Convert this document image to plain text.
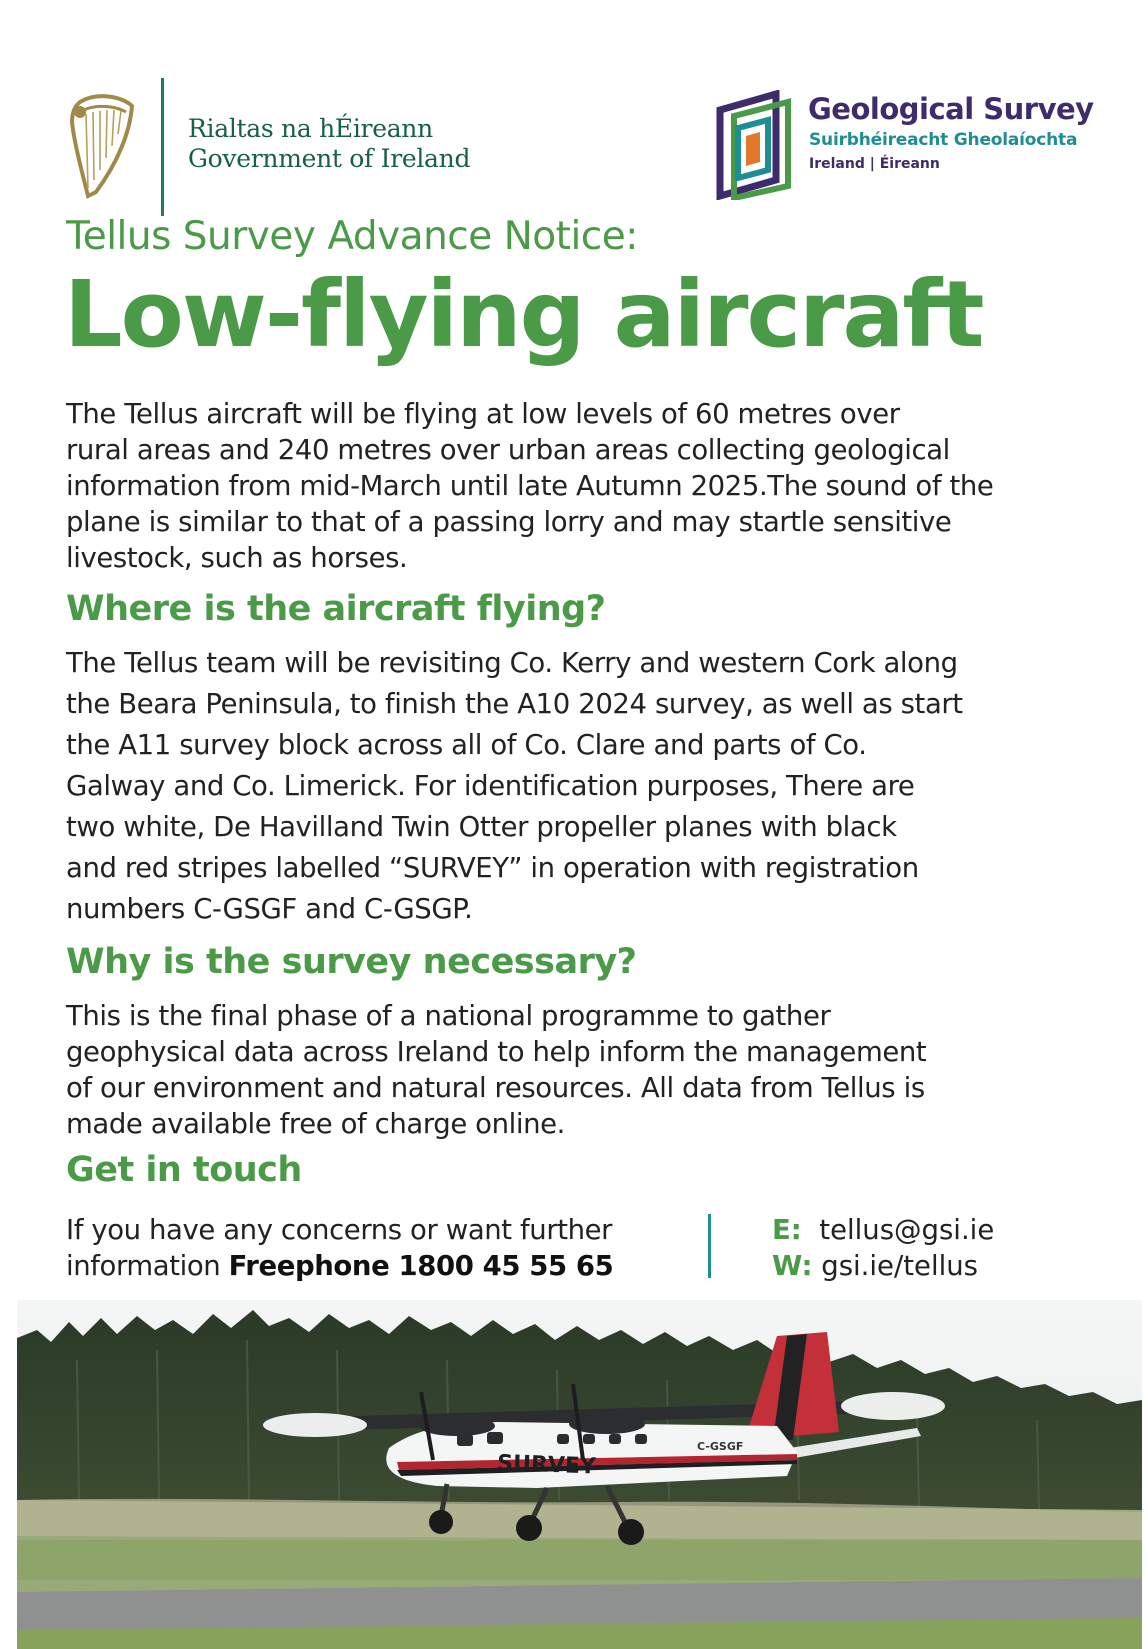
Rialtas na hÉireann
Government of Ireland
Geological Survey
Suirbhéireacht Gheolaíochta
Ireland | Éireann
Tellus Survey Advance Notice:
Low-flying aircraft
The Tellus aircraft will be flying at low levels of 60 metres over
rural areas and 240 metres over urban areas collecting geological
information from mid-March until late Autumn 2025.The sound of the
plane is similar to that of a passing lorry and may startle sensitive
livestock, such as horses.
Where is the aircraft flying?
The Tellus team will be revisiting Co. Kerry and western Cork along
the Beara Peninsula, to finish the A10 2024 survey, as well as start
the A11 survey block across all of Co. Clare and parts of Co.
Galway and Co. Limerick. For identification purposes, There are
two white, De Havilland Twin Otter propeller planes with black
and red stripes labelled “SURVEY” in operation with registration
numbers C-GSGF and C-GSGP.
Why is the survey necessary?
This is the final phase of a national programme to gather
geophysical data across Ireland to help inform the management
of our environment and natural resources. All data from Tellus is
made available free of charge online.
Get in touch
If you have any concerns or want further
information Freephone 1800 45 55 65
E: tellus@gsi.ie
W: gsi.ie/tellus
SURVEY
C-GSGF
